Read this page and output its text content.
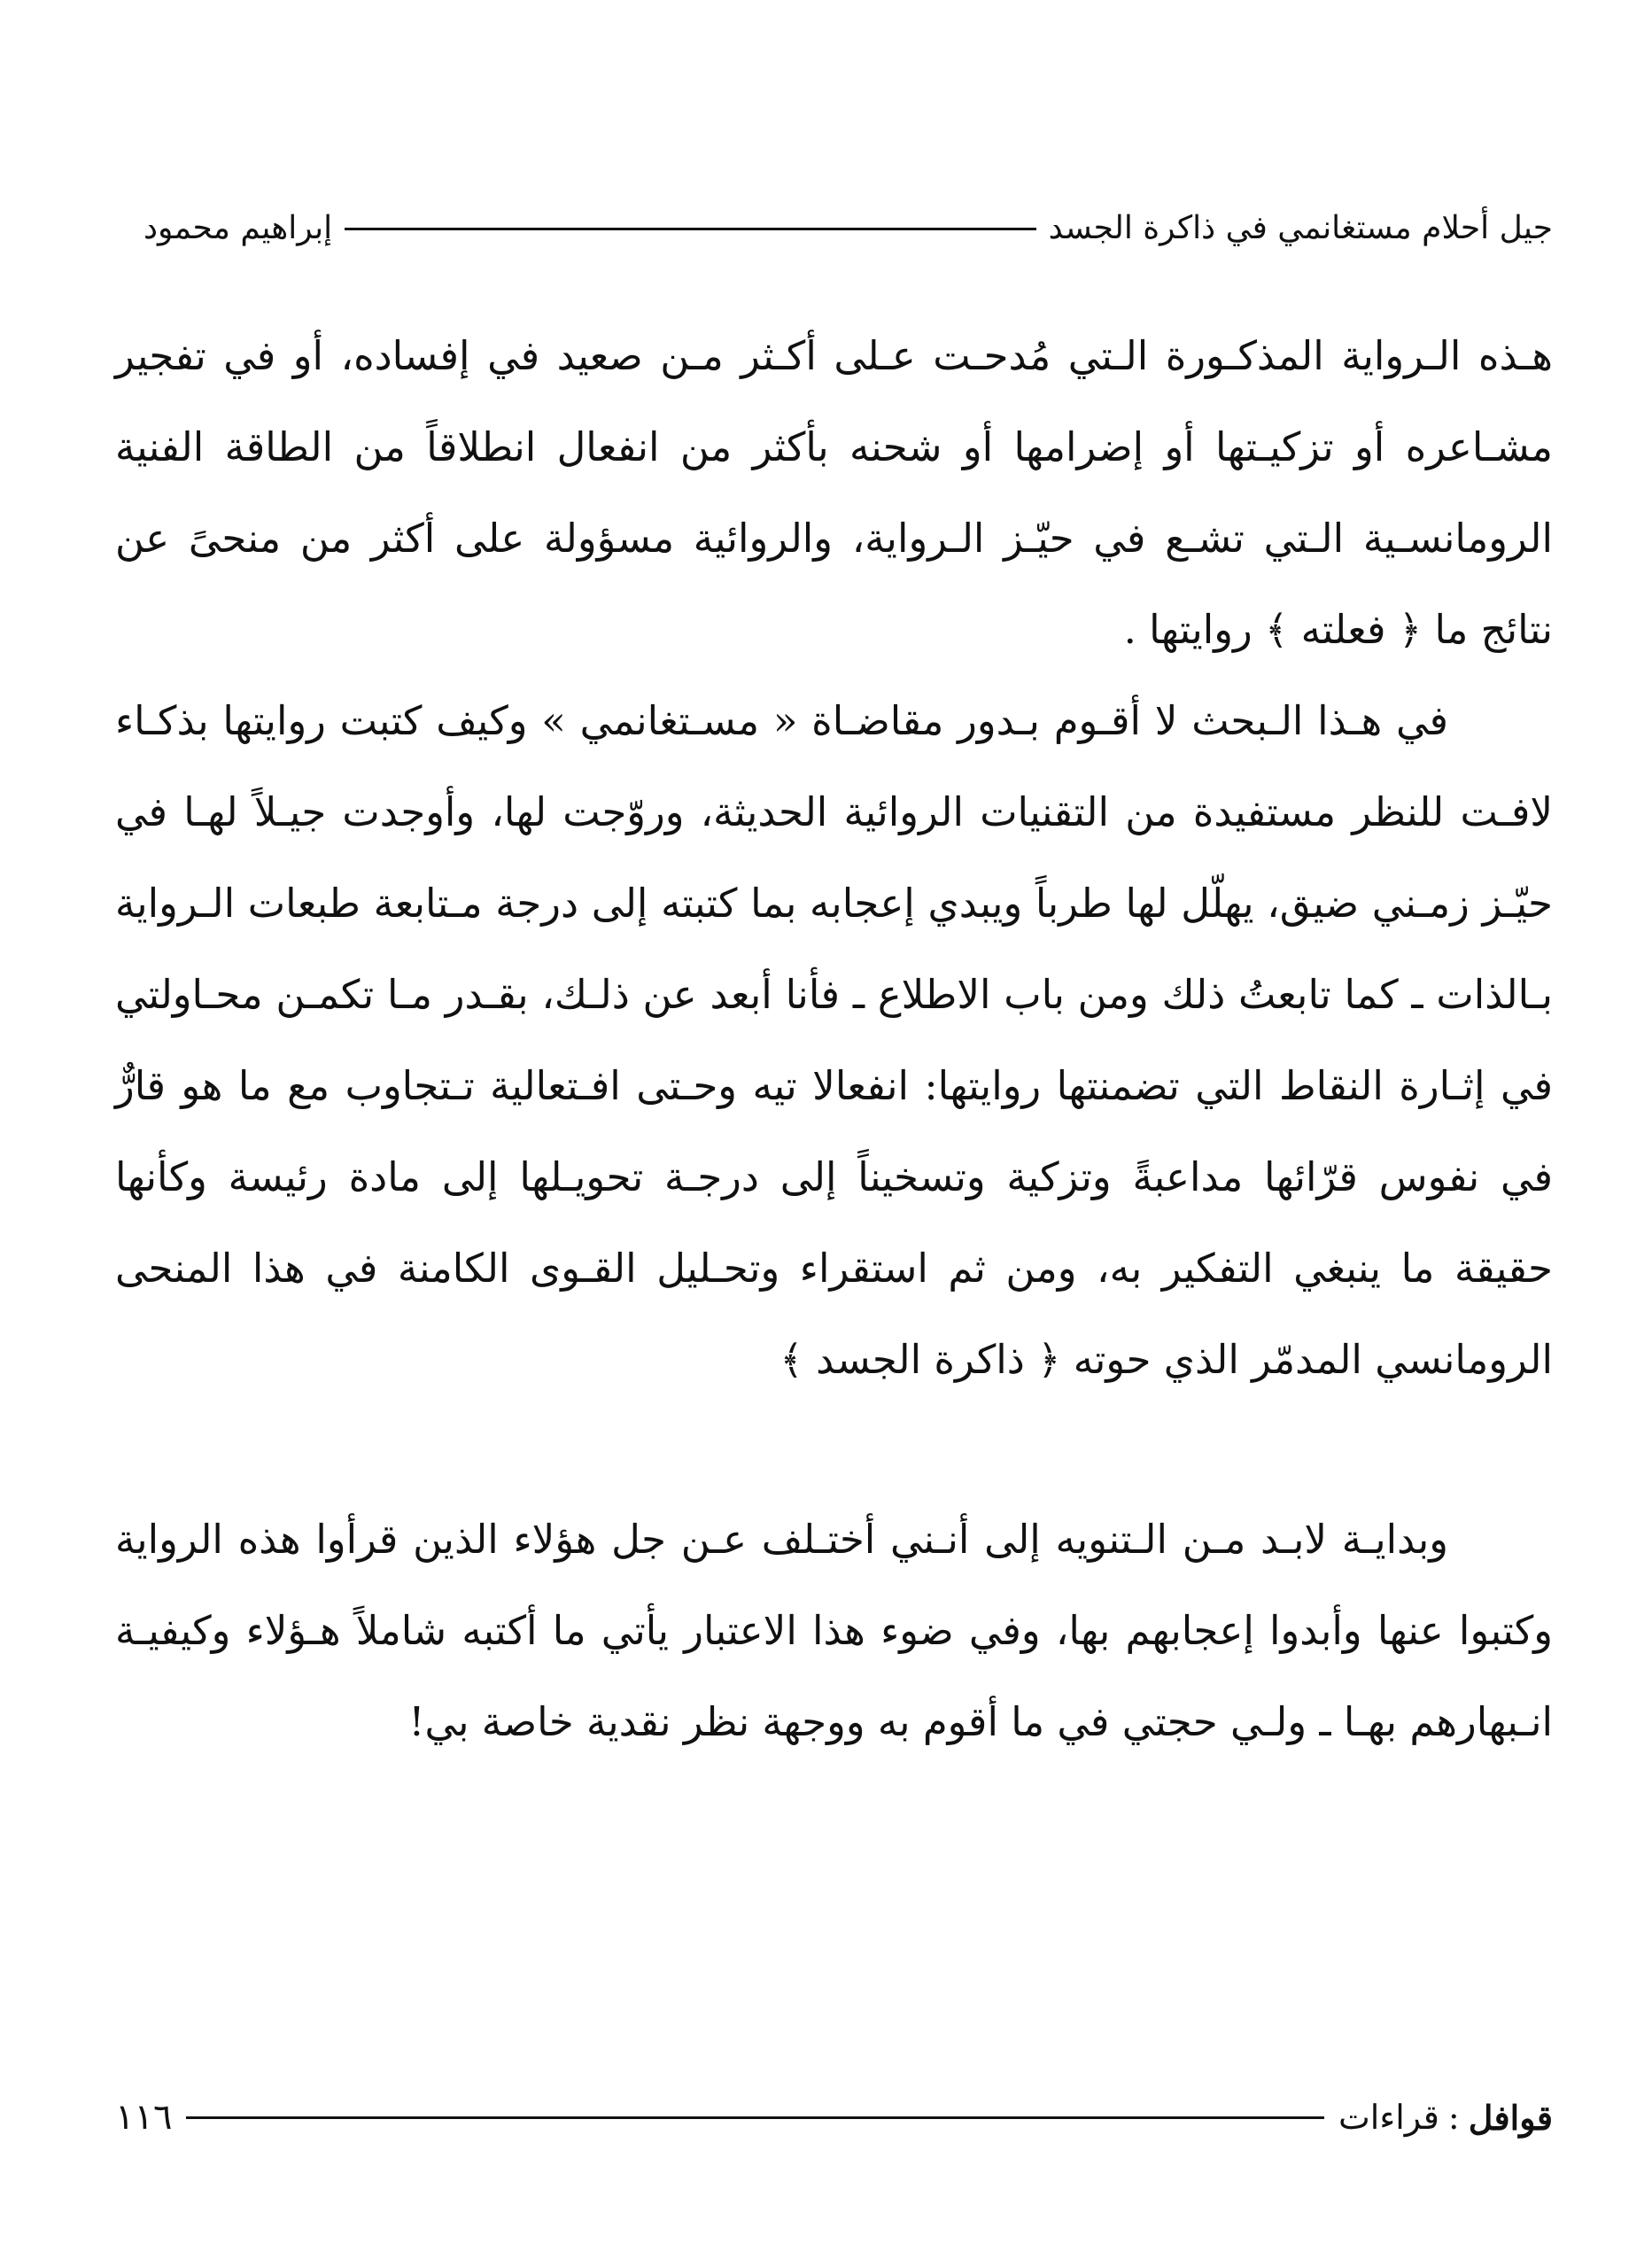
جيل أحلام مستغانمي في ذاكرة الجسد
إبراهيم محمود

هـذه الـرواية المذكـورة الـتي مُدحـت عـلى أكـثر مـن صعيد في إفساده، أو في تفجير مشـاعره أو تزكيـتها أو إضرامها أو شحنه بأكثر من انفعال انطلاقاً من الطاقة الفنية الرومانسـية الـتي تشـع في حيّـز الـرواية، والروائية مسؤولة على أكثر من منحىً عن نتائج ما ﴿ فعلته ﴾ روايتها .

في هـذا الـبحث لا أقـوم بـدور مقاضـاة « مسـتغانمي » وكيف كتبت روايتها بذكـاء لافـت للنظر مستفيدة من التقنيات الروائية الحديثة، وروّجت لها، وأوجدت جيـلاً لهـا في حيّـز زمـني ضيق، يهلّل لها طرباً ويبدي إعجابه بما كتبته إلى درجة مـتابعة طبعات الـرواية بـالذات ـ كما تابعتُ ذلك ومن باب الاطلاع ـ فأنا أبعد عن ذلـك، بقـدر مـا تكمـن محـاولتي في إثـارة النقاط التي تضمنتها روايتها: انفعالا تيه وحـتى افـتعالية تـتجاوب مع ما هو قارٌّ في نفوس قرّائها مداعبةً وتزكية وتسخيناً إلى درجـة تحويـلها إلى مادة رئيسة وكأنها حقيقة ما ينبغي التفكير به، ومن ثم استقراء وتحـليل القـوى الكامنة في هذا المنحى الرومانسي المدمّر الذي حوته ﴿ ذاكرة الجسد ﴾

وبدايـة لابـد مـن الـتنويه إلى أنـني أختـلف عـن جل هؤلاء الذين قرأوا هذه الرواية وكتبوا عنها وأبدوا إعجابهم بها، وفي ضوء هذا الاعتبار يأتي ما أكتبه شاملاً هـؤلاء وكيفيـة انـبهارهم بهـا ـ ولـي حجتي في ما أقوم به ووجهة نظر نقدية خاصة بي!

قوافل
:
قراءات
١١٦
